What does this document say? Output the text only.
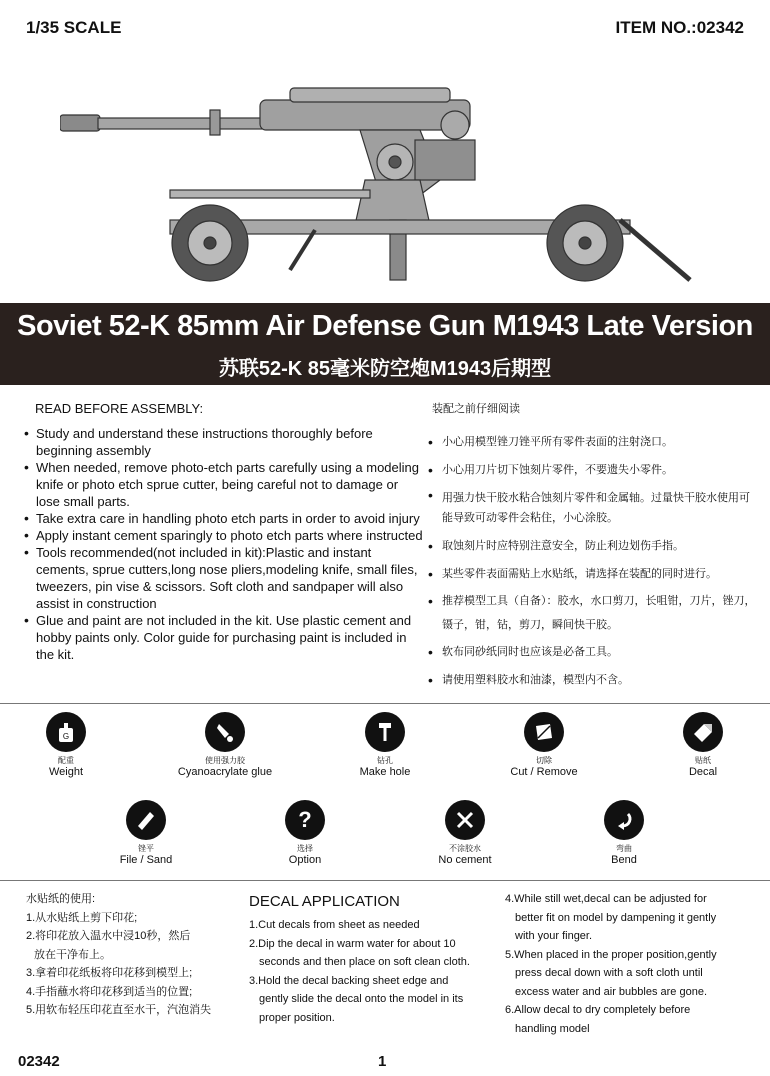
1/35 SCALE	ITEM NO.:02342
Soviet 52-K 85mm Air Defense Gun M1943 Late Version
苏联52-K 85毫米防空炮M1943后期型
READ BEFORE ASSEMBLY:
• Study and understand these instructions thoroughly before beginning assembly
• When needed, remove photo-etch parts carefully using a modeling knife or photo etch sprue cutter, being careful not to damage or lose small parts.
• Take extra care in handling photo etch parts in order to avoid injury
• Apply instant cement sparingly to photo etch parts where instructed
• Tools recommended(not included in kit):Plastic and instant cements, sprue cutters,long nose pliers,modeling knife, small files, tweezers, pin vise & scissors. Soft cloth and sandpaper will also assist in construction
• Glue and paint are not included in the kit. Use plastic cement and hobby paints only. Color guide for purchasing paint is included in the kit.
装配之前仔细阅读
• 小心用模型锉刀锉平所有零件表面的注射浇口。
• 小心用刀片切下蚀刻片零件，不要遗失小零件。
• 用强力快干胶水粘合蚀刻片零件和金属轴。过量快干胶水使用可能导致可动零件会粘住，小心涂胶。
• 取蚀刻片时应特别注意安全，防止利边划伤手指。
• 某些零件表面需贴上水贴纸，请选择在装配的同时进行。
• 推荐模型工具（自备）：胶水，水口剪刀，长咀钳，刀片，锉刀，镊子，钳，钻，剪刀，瞬间快干胶。
• 软布同砂纸同时也应该是必备工具。
• 请使用塑料胶水和油漆，模型内不含。
G
配重
Weight
使用强力胶
Cyanoacrylate glue
钻孔
Make hole
切除
Cut / Remove
贴纸
Decal
锉平
File / Sand
?
选择
Option
不涂胶水
No cement
弯曲
Bend
水贴纸的使用:
1.从水贴纸上剪下印花;
2.将印花放入温水中浸10秒，然后
放在干净布上。
3.拿着印花纸板将印花移到模型上;
4.手指蘸水将印花移到适当的位置;
5.用软布轻压印花直至水干，汽泡消失
DECAL APPLICATION
1.Cut decals from sheet as needed
2.Dip the decal in warm water for about 10
seconds and then place on soft clean cloth.
3.Hold the decal backing sheet edge and
gently slide the decal onto the model in its
proper position.
4.While still wet,decal can be adjusted for
better fit on model by dampening it gently
with your finger.
5.When placed in the proper position,gently
press decal down with a soft cloth until
excess water and air bubbles are gone.
6.Allow decal to dry completely before
handling model
02342	1
